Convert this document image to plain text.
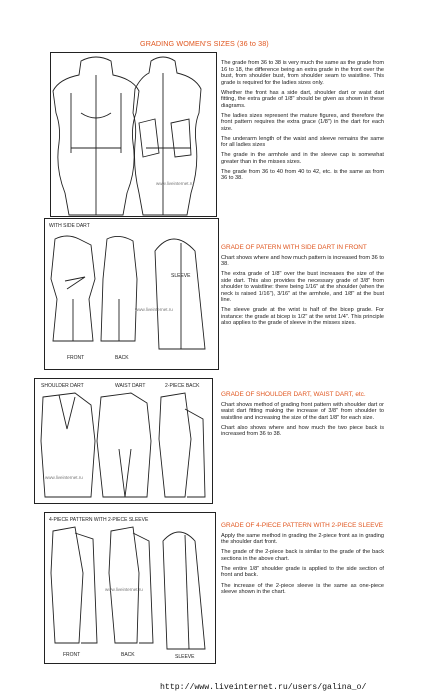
GRADING WOMEN'S SIZES (36 to 38)
www.liveinternet.ru

The grade from 36 to 38 is very much the same as the grade from 16 to 18, the difference being an extra grade in the front over the bust, from shoulder bust, from shoulder seam to waistline. This grade is required for the ladies sizes only.

Whether the front has a side dart, shoulder dart or waist dart fitting, the extra grade of 1/8" should be given as shown in these diagrams.

The ladies sizes represent the mature figures, and therefore the front pattern requires the extra grace (1/8") in the dart for each size.

The underarm length of the waist and sleeve remains the same for all ladies sizes

The grade in the armhole and in the sleeve cap is somewhat greater than in the misses sizes.

The grade from 36 to 40 from 40 to 42, etc. is the same as from 36 to 38.

WITH SIDE DART
www.liveinternet.ru
FRONT	BACK
SLEEVE

GRADE OF PATERN WITH SIDE DART IN FRONT

Chart shows where and how much pattern is increased from 36 to 38.

The extra grade of 1/8" over the bust increases the size of the side dart. This also provides the necessary grade of 3/8" from shoulder to waistline: there being 1/16" at the shoulder (when the neck is raised 1/16"), 3/16" at the armhole, and 1/8" at the bust line.

The sleeve grade at the wrist is half of the bicep grade. For instance: the grade at bicep is 1/2" at the wrist 1/4". This principle also applies to the grade of sleeve in the misses sizes.

SHOULDER DART	WAIST DART	2-PIECE BACK
www.liveinternet.ru

GRADE OF SHOULDER DART, WAIST DART, etc.

Chart shows method of grading front pattern with shoulder dart or waist dart fitting making the increase of 3/8" from shoulder to waistline and increasing the size of the dart 1/8" for each size.

Chart also shows where and how much the two piece back is increased from 36 to 38.

4-PIECE PATTERN WITH 2-PIECE SLEEVE
www.liveinternet.ru
FRONT	BACK	SLEEVE

GRADE OF 4-PIECE PATTERN WITH 2-PIECE SLEEVE

Apply the same method in grading the 2-piece front as in grading the shoulder dart front.

The grade of the 2-piece back is similar to the grade of the back sections in the above chart.

The entire 1/8" shoulder grade is applied to the side section of front and back.

The increase of the 2-piece sleeve is the same as one-piece sleeve shown in the chart.

http://www.liveinternet.ru/users/galina_o/
